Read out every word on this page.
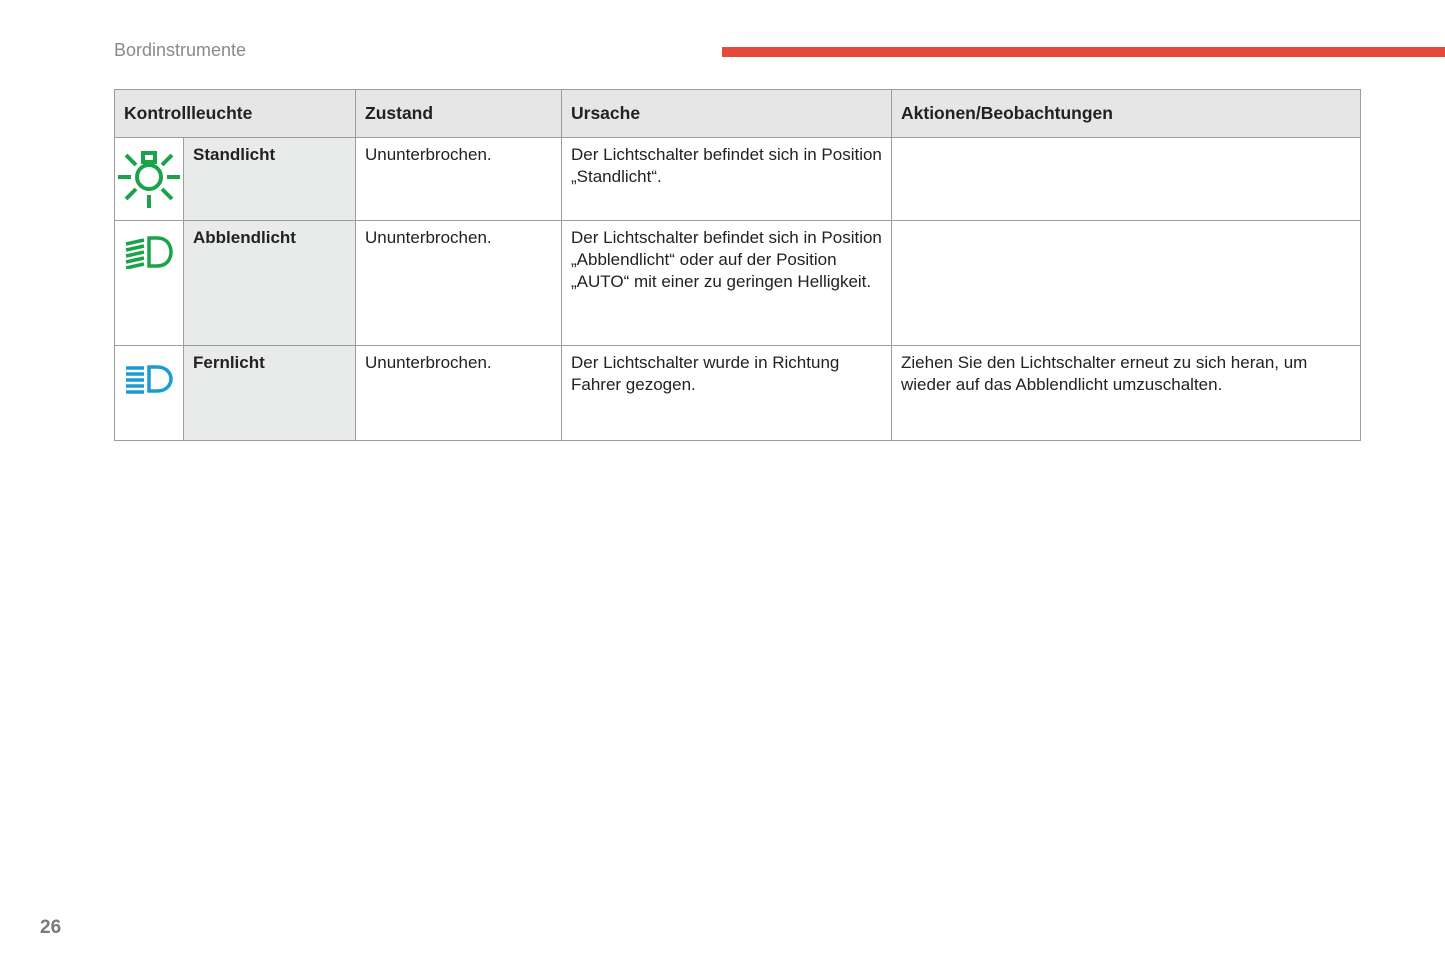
Bordinstrumente
Kontrollleuchte		Zustand	Ursache	Aktionen/Beobachtungen

	Standlicht	Ununterbrochen.	Der Lichtschalter befindet sich in Position „Standlicht“.	

	Abblendlicht	Ununterbrochen.	Der Lichtschalter befindet sich in Position „Abblendlicht“ oder auf der Position „AUTO“ mit einer zu geringen Helligkeit.	

	Fernlicht	Ununterbrochen.	Der Lichtschalter wurde in Richtung Fahrer gezogen.	Ziehen Sie den Lichtschalter erneut zu sich heran, um wieder auf das Abblendlicht umzuschalten.
26
